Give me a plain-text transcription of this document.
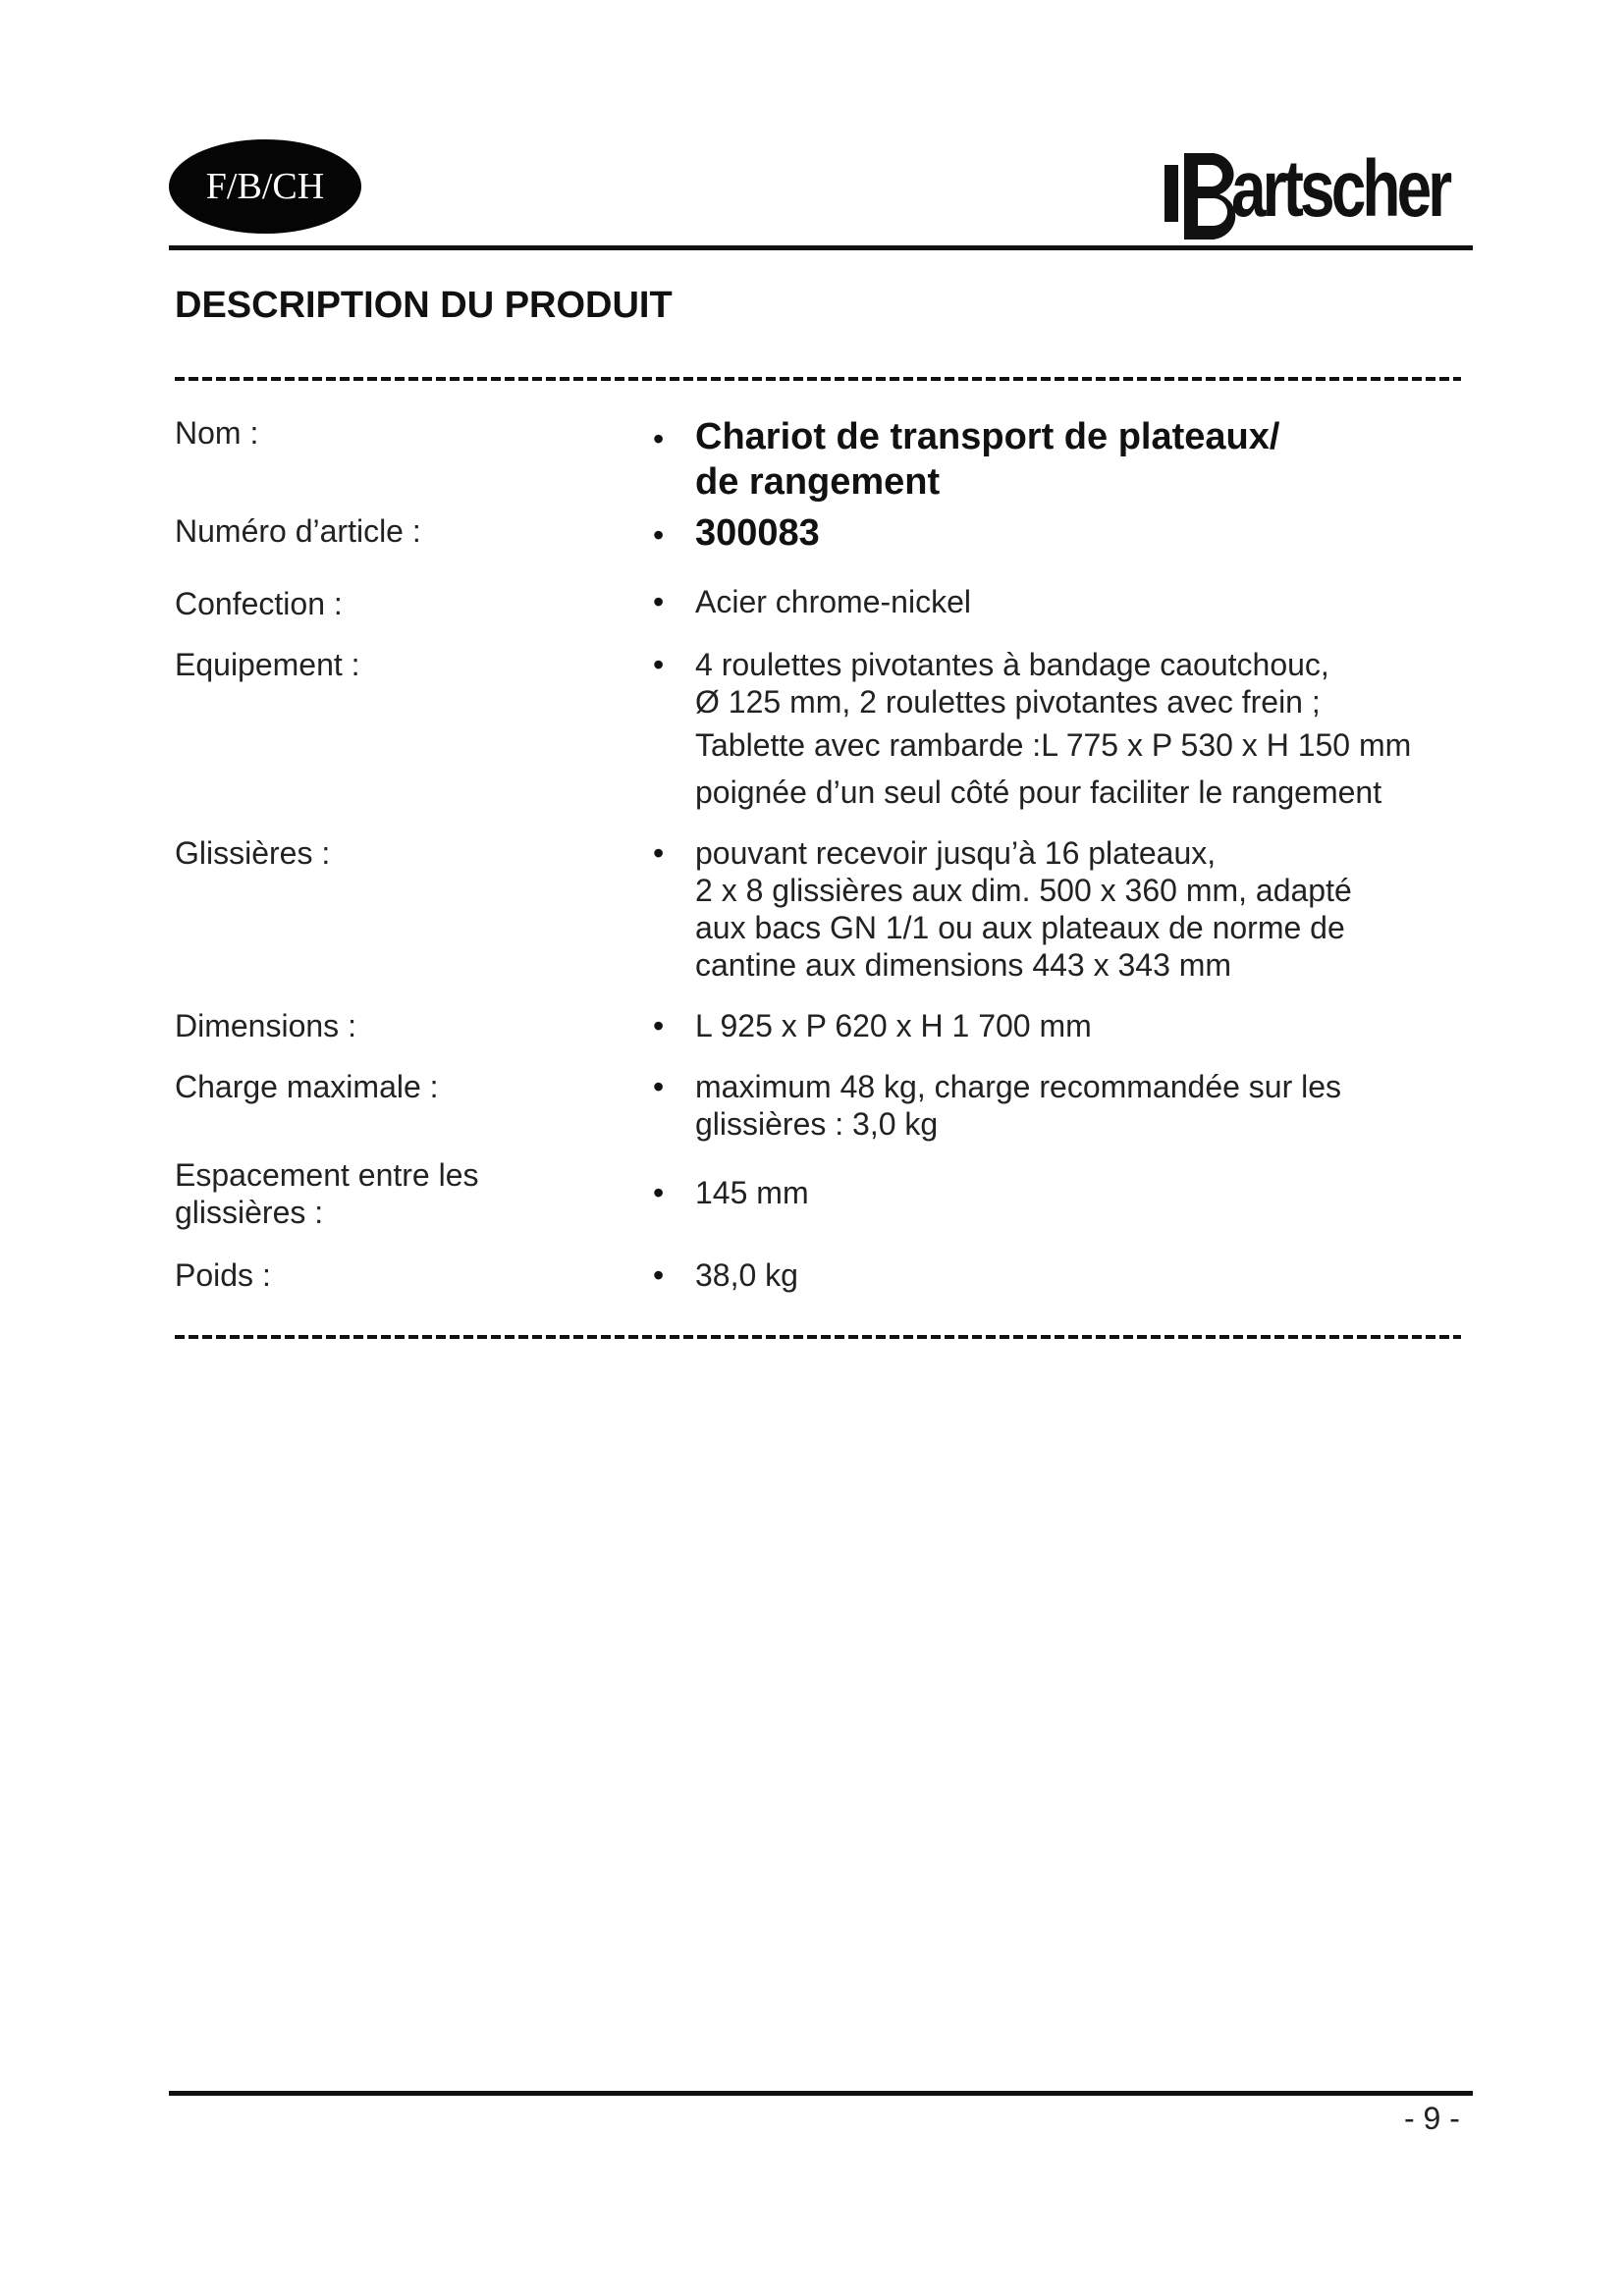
F/B/CH	artscher
DESCRIPTION DU PRODUIT
Nom :	• Chariot de transport de plateaux/
de rangement
Numéro d’article :	• 300083
Confection :	• Acier chrome-nickel
Equipement :	• 4 roulettes pivotantes à bandage caoutchouc,
Ø 125 mm, 2 roulettes pivotantes avec frein ;
Tablette avec rambarde :L 775 x P 530 x H 150 mm
poignée d’un seul côté pour faciliter le rangement
Glissières :	• pouvant recevoir jusqu’à 16 plateaux,
2 x 8 glissières aux dim. 500 x 360 mm, adapté
aux bacs GN 1/1 ou aux plateaux de norme de
cantine aux dimensions 443 x 343 mm
Dimensions :	• L 925 x P 620 x H 1 700 mm
Charge maximale :	• maximum 48 kg, charge recommandée sur les
glissières : 3,0 kg
Espacement entre les
glissières :
• 145 mm
Poids :	• 38,0 kg
- 9 -
